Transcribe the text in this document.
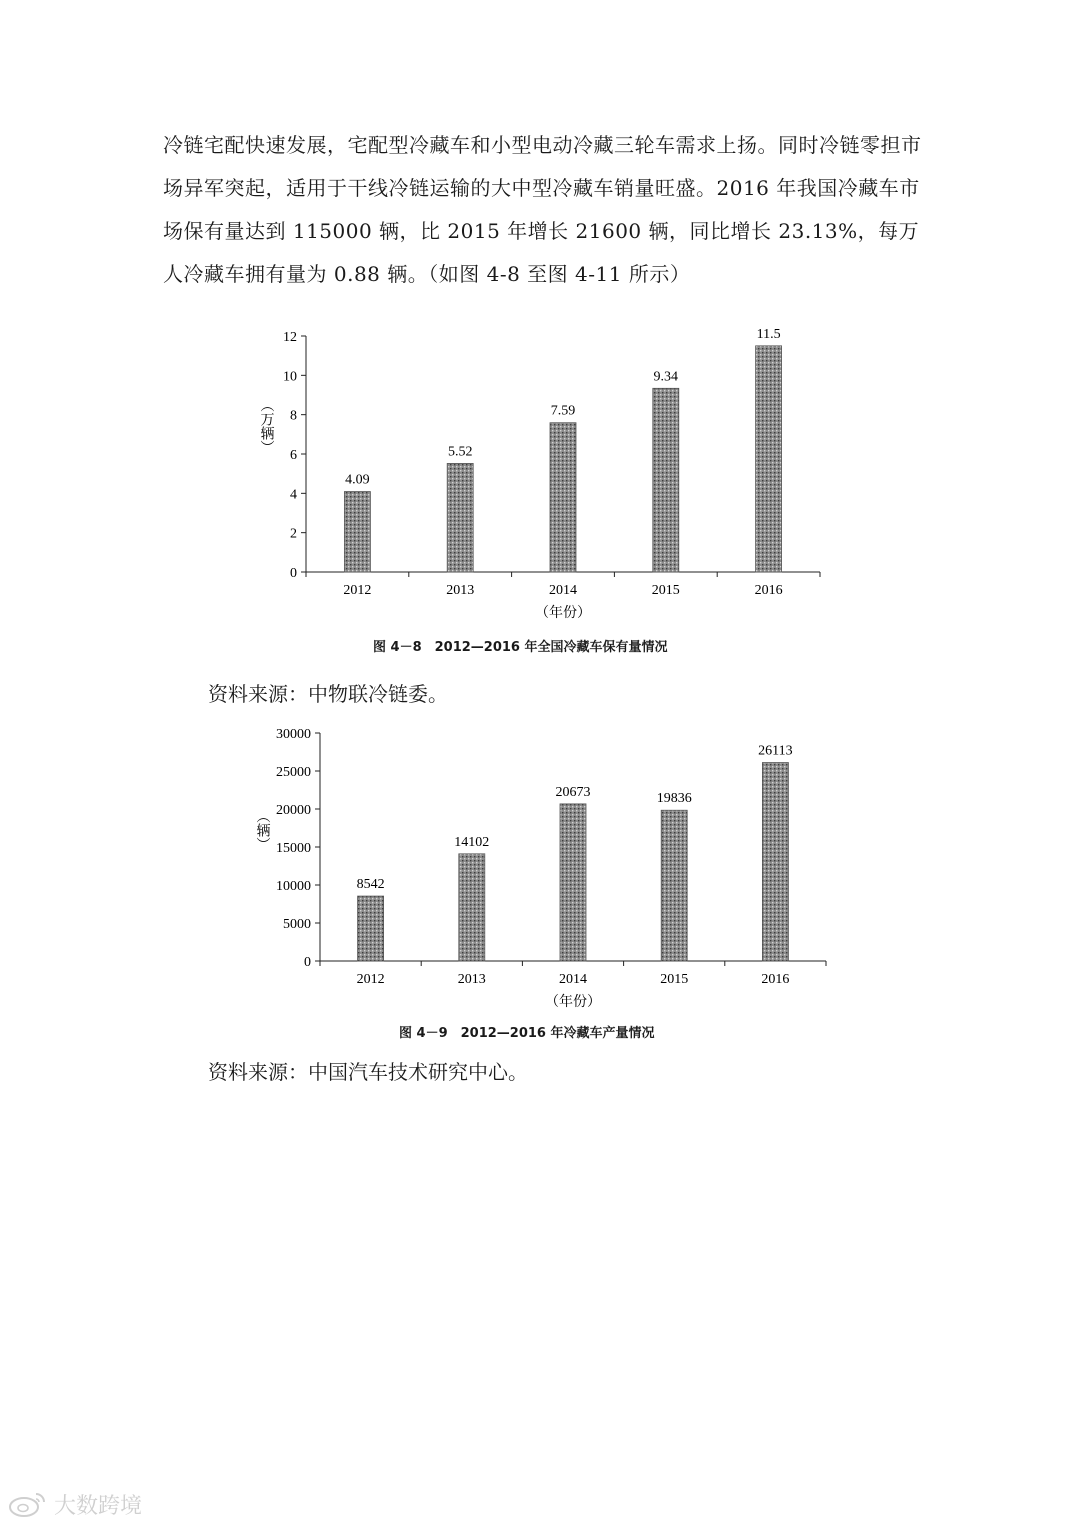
冷链宅配快速发展，宅配型冷藏车和小型电动冷藏三轮车需求上扬。同时冷链零担市场异军突起，适用于干线冷链运输的大中型冷藏车销量旺盛。2016 年我国冷藏车市场保有量达到 115000 辆，比 2015 年增长 21600 辆，同比增长 23.13%，每万人冷藏车拥有量为 0.88 辆。（如图 4-8 至图 4-11 所示）

0
2
4
6
8
10
12
4.09
2012
5.52
2013
7.59
2014
9.34
2015
11.5
2016
（年份）
（万辆）
图 4－8　2012—2016 年全国冷藏车保有量情况
资料来源：中物联冷链委。
0
5000
10000
15000
20000
25000
30000
8542
2012
14102
2013
20673
2014
19836
2015
26113
2016
（年份）
（辆）
图 4－9　2012—2016 年冷藏车产量情况
资料来源：中国汽车技术研究中心。
大数跨境
